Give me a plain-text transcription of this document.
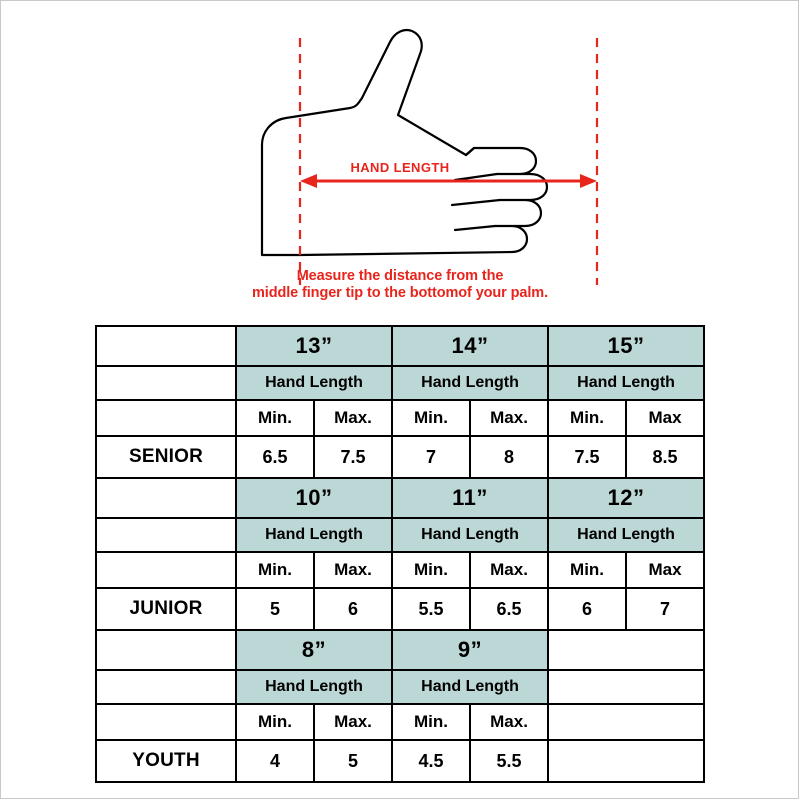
HAND LENGTH
Measure the distance from the
middle finger tip to the bottomof your palm.
	13”		14”		15”	
	Hand Length		Hand Length		Hand Length	
	Min.	Max.	Min.	Max.	Min.	Max
SENIOR	6.5	7.5	7	8	7.5	8.5
	10”		11”		12”	
	Hand Length		Hand Length		Hand Length	
	Min.	Max.	Min.	Max.	Min.	Max
JUNIOR	5	6	5.5	6.5	6	7
	8”		9”			
	Hand Length		Hand Length			
	Min.	Max.	Min.	Max.		
YOUTH	4	5	4.5	5.5		
